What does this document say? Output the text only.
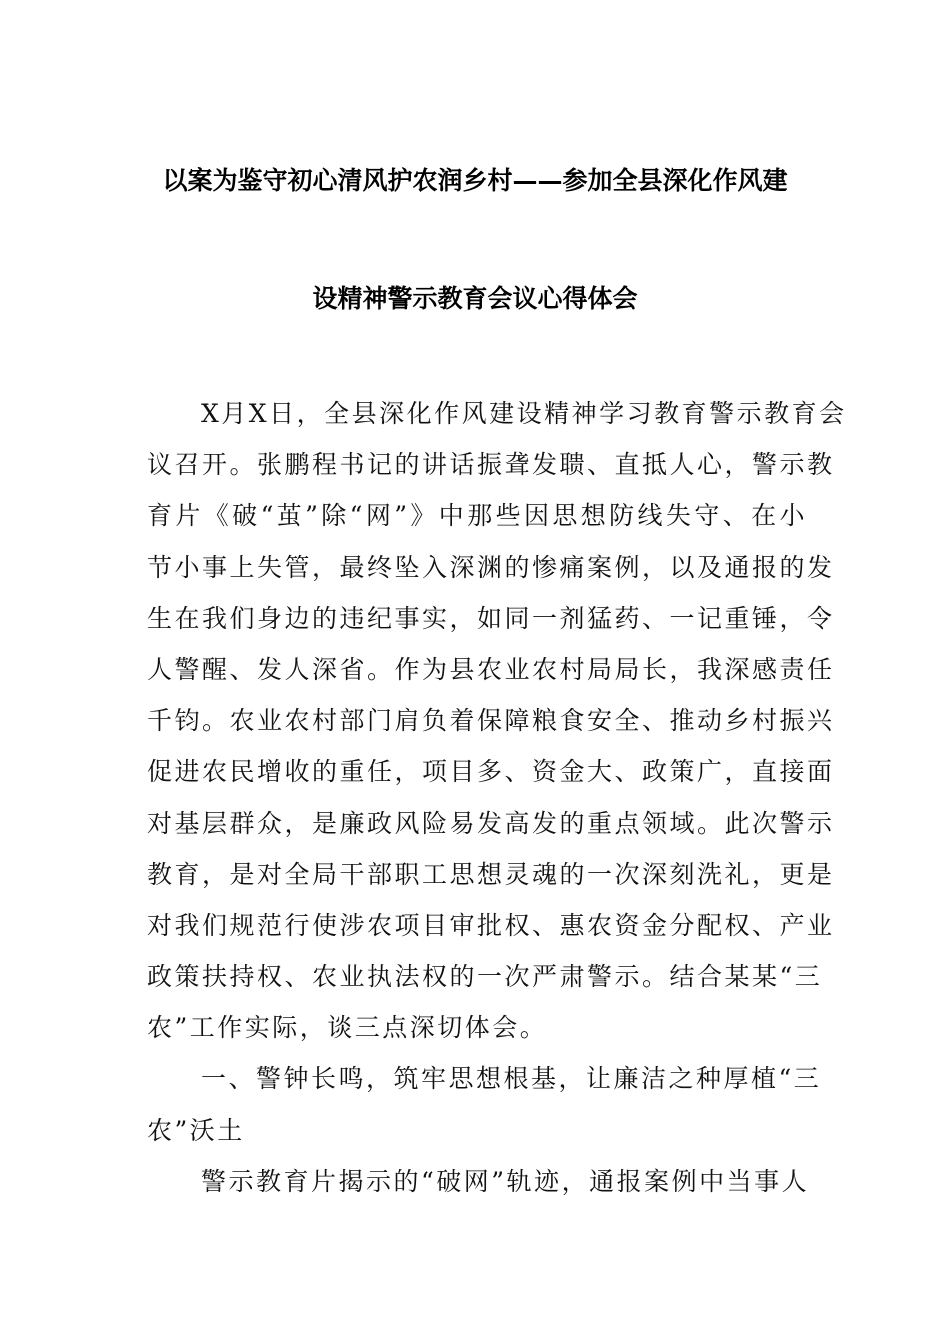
以案为鉴守初心清风护农润乡村——参加全县深化作风建
设精神警示教育会议心得体会
X月X日，全县深化作风建设精神学习教育警示教育会
议召开。张鹏程书记的讲话振聋发聩、直抵人心，警示教
育片《破“茧”除“网”》中那些因思想防线失守、在小
节小事上失管，最终坠入深渊的惨痛案例，以及通报的发
生在我们身边的违纪事实，如同一剂猛药、一记重锤，令
人警醒、发人深省。作为县农业农村局局长，我深感责任
千钧。农业农村部门肩负着保障粮食安全、推动乡村振兴
促进农民增收的重任，项目多、资金大、政策广，直接面
对基层群众，是廉政风险易发高发的重点领域。此次警示
教育，是对全局干部职工思想灵魂的一次深刻洗礼，更是
对我们规范行使涉农项目审批权、惠农资金分配权、产业
政策扶持权、农业执法权的一次严肃警示。结合某某“三
农”工作实际，谈三点深切体会。
一、警钟长鸣，筑牢思想根基，让廉洁之种厚植“三
农”沃土
警示教育片揭示的“破网”轨迹，通报案例中当事人
